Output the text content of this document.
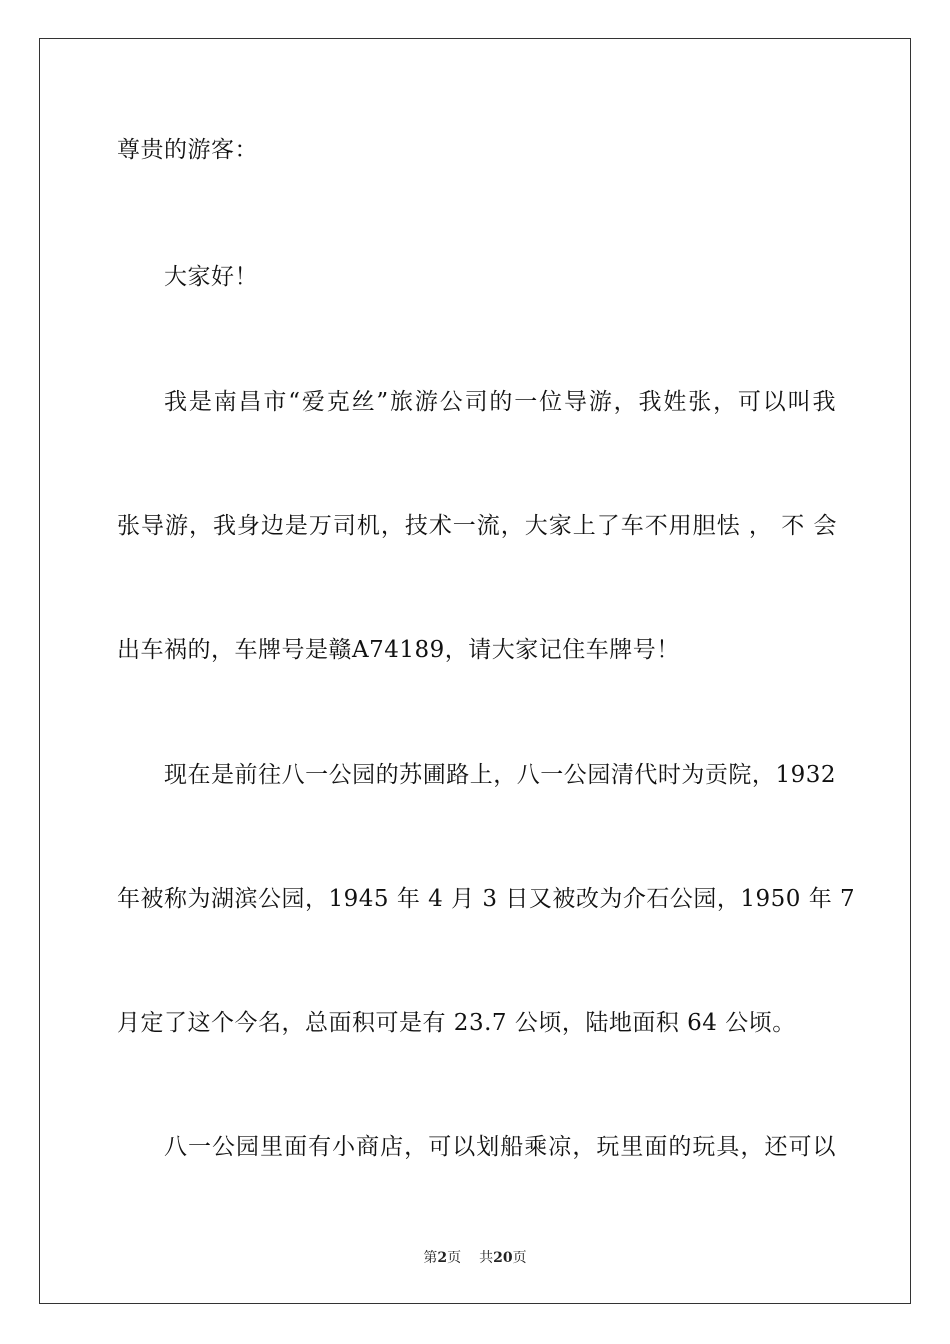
尊贵的游客：
大家好！
我是南昌市“爱克丝”旅游公司的一位导游，我姓张，可以叫我
张导游，我身边是万司机，技术一流，大家上了车不用胆怯 ， 不 会
出车祸的，车牌号是赣A74189，请大家记住车牌号！
现在是前往八一公园的苏圃路上，八一公园清代时为贡院，1932
年被称为湖滨公园，1945 年 4 月 3 日又被改为介石公园，1950 年 7
月定了这个今名，总面积可是有 23.7 公顷，陆地面积 64 公顷。
八一公园里面有小商店，可以划船乘凉，玩里面的玩具，还可以
第2页 共20页
